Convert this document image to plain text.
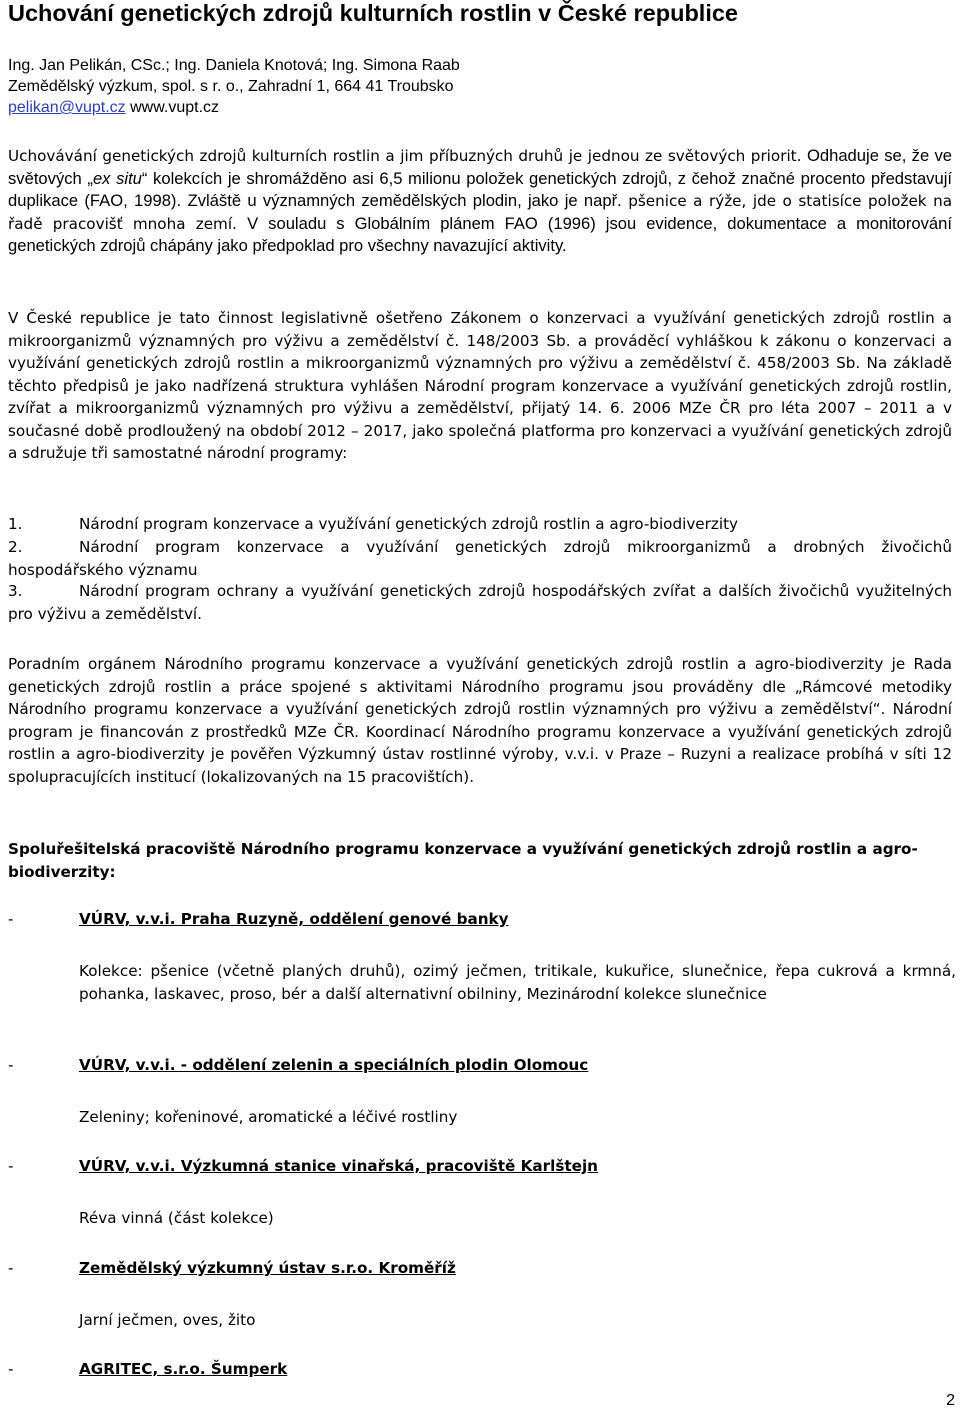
Uchování genetických zdrojů kulturních rostlin v České republice
Ing. Jan Pelikán, CSc.; Ing. Daniela Knotová; Ing. Simona Raab
Zemědělský výzkum, spol. s r. o., Zahradní 1, 664 41 Troubsko
pelikan@vupt.cz www.vupt.cz

Uchovávání genetických zdrojů kulturních rostlin a jim příbuzných druhů je jednou ze světových priorit. Odhaduje se, že ve světových „ex situ“ kolekcích je shromážděno asi 6,5 milionu položek genetických zdrojů, z čehož značné procento představují duplikace (FAO, 1998). Zvláště u významných zemědělských plodin, jako je např. pšenice a rýže, jde o statisíce položek na řadě pracovišť mnoha zemí. V souladu s Globálním plánem FAO (1996) jsou evidence, dokumentace a monitorování genetických zdrojů chápány jako předpoklad pro všechny navazující aktivity.

V České republice je tato činnost legislativně ošetřeno Zákonem o konzervaci a využívání genetických zdrojů rostlin a mikroorganizmů významných pro výživu a zemědělství č. 148/2003 Sb. a prováděcí vyhláškou k zákonu o konzervaci a využívání genetických zdrojů rostlin a mikroorganizmů významných pro výživu a zemědělství č. 458/2003 Sb. Na základě těchto předpisů je jako nadřízená struktura vyhlášen Národní program konzervace a využívání genetických zdrojů rostlin, zvířat a mikroorganizmů významných pro výživu a zemědělství, přijatý 14. 6. 2006 MZe ČR pro léta 2007 – 2011 a v současné době prodloužený na období 2012 – 2017, jako společná platforma pro konzervaci a využívání genetických zdrojů a sdružuje tři samostatné národní programy:

1.	Národní program konzervace a využívání genetických zdrojů rostlin a agro-biodiverzity
2.	Národní program konzervace a využívání genetických zdrojů mikroorganizmů a drobných živočichů hospodářského významu
3.	Národní program ochrany a využívání genetických zdrojů hospodářských zvířat a dalších živočichů využitelných pro výživu a zemědělství.

Poradním orgánem Národního programu konzervace a využívání genetických zdrojů rostlin a agro-biodiverzity je Rada genetických zdrojů rostlin a práce spojené s aktivitami Národního programu jsou prováděny dle „Rámcové metodiky Národního programu konzervace a využívání genetických zdrojů rostlin významných pro výživu a zemědělství“. Národní program je financován z prostředků MZe ČR. Koordinací Národního programu konzervace a využívání genetických zdrojů rostlin a agro-biodiverzity je pověřen Výzkumný ústav rostlinné výroby, v.v.i. v Praze – Ruzyni a realizace probíhá v síti 12 spolupracujících institucí (lokalizovaných na 15 pracovištích).

Spoluřešitelská pracoviště Národního programu konzervace a využívání genetických zdrojů rostlin a agro-biodiverzity:

-	VÚRV, v.v.i. Praha Ruzyně, oddělení genové banky

Kolekce: pšenice (včetně planých druhů), ozimý ječmen, tritikale, kukuřice, slunečnice, řepa cukrová a krmná, pohanka, laskavec, proso, bér a další alternativní obilniny, Mezinárodní kolekce slunečnice

-	VÚRV, v.v.i. - oddělení zelenin a speciálních plodin Olomouc

Zeleniny; kořeninové, aromatické a léčivé rostliny

-	VÚRV, v.v.i. Výzkumná stanice vinařská, pracoviště Karlštejn

Réva vinná (část kolekce)

-	Zemědělský výzkumný ústav s.r.o. Kroměříž

Jarní ječmen, oves, žito

-	AGRITEC, s.r.o. Šumperk
2
